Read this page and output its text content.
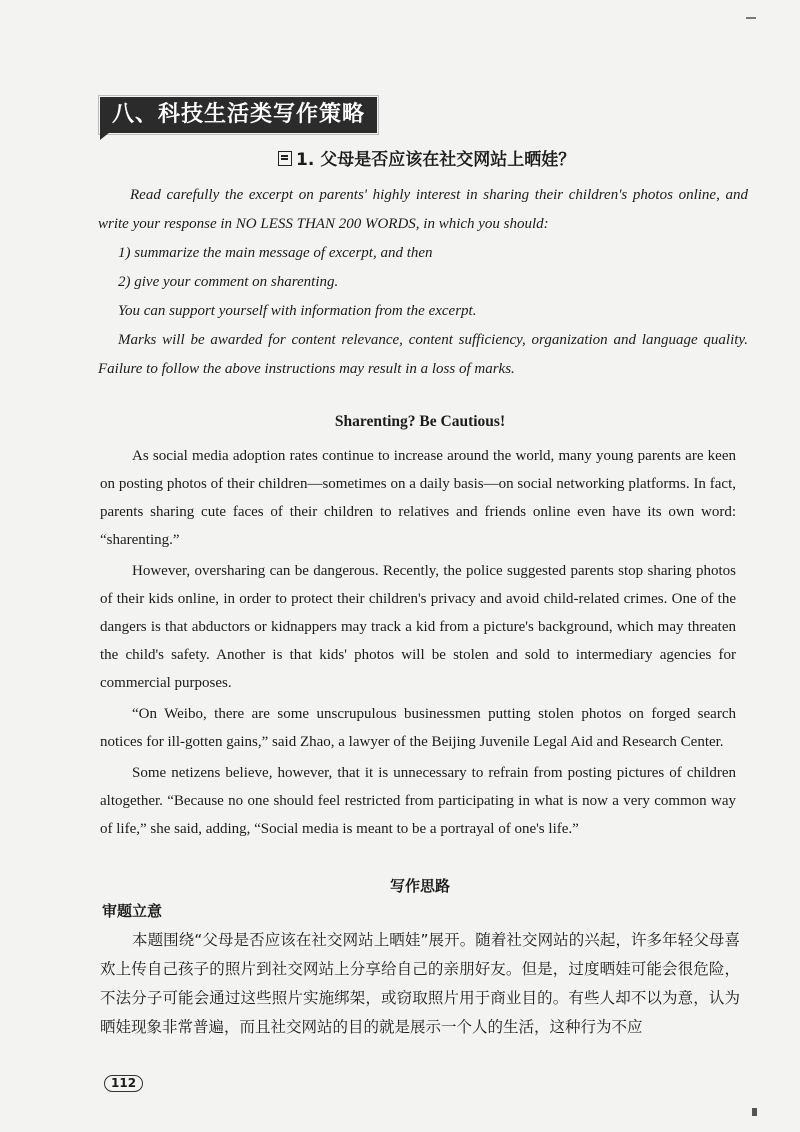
八、科技生活类写作策略
1. 父母是否应该在社交网站上晒娃？

Read carefully the excerpt on parents' highly interest in sharing their children's photos online, and write your response in NO LESS THAN 200 WORDS, in which you should:

1) summarize the main message of excerpt, and then

2) give your comment on sharenting.

You can support yourself with information from the excerpt.

Marks will be awarded for content relevance, content sufficiency, organization and language quality. Failure to follow the above instructions may result in a loss of marks.

Sharenting? Be Cautious!

As social media adoption rates continue to increase around the world, many young parents are keen on posting photos of their children—sometimes on a daily basis—on social networking platforms. In fact, parents sharing cute faces of their children to relatives and friends online even have its own word: “sharenting.”

However, oversharing can be dangerous. Recently, the police suggested parents stop sharing photos of their kids online, in order to protect their children's privacy and avoid child-related crimes. One of the dangers is that abductors or kidnappers may track a kid from a picture's background, which may threaten the child's safety. Another is that kids' photos will be stolen and sold to intermediary agencies for commercial purposes.

“On Weibo, there are some unscrupulous businessmen putting stolen photos on forged search notices for ill-gotten gains,” said Zhao, a lawyer of the Beijing Juvenile Legal Aid and Research Center.

Some netizens believe, however, that it is unnecessary to refrain from posting pictures of children altogether. “Because no one should feel restricted from participating in what is now a very common way of life,” she said, adding, “Social media is meant to be a portrayal of one's life.”

写作思路
审题立意
本题围绕“父母是否应该在社交网站上晒娃”展开。随着社交网站的兴起，许多年轻父母喜欢上传自己孩子的照片到社交网站上分享给自己的亲朋好友。但是，过度晒娃可能会很危险，不法分子可能会通过这些照片实施绑架，或窃取照片用于商业目的。有些人却不以为意，认为晒娃现象非常普遍，而且社交网站的目的就是展示一个人的生活，这种行为不应
112
